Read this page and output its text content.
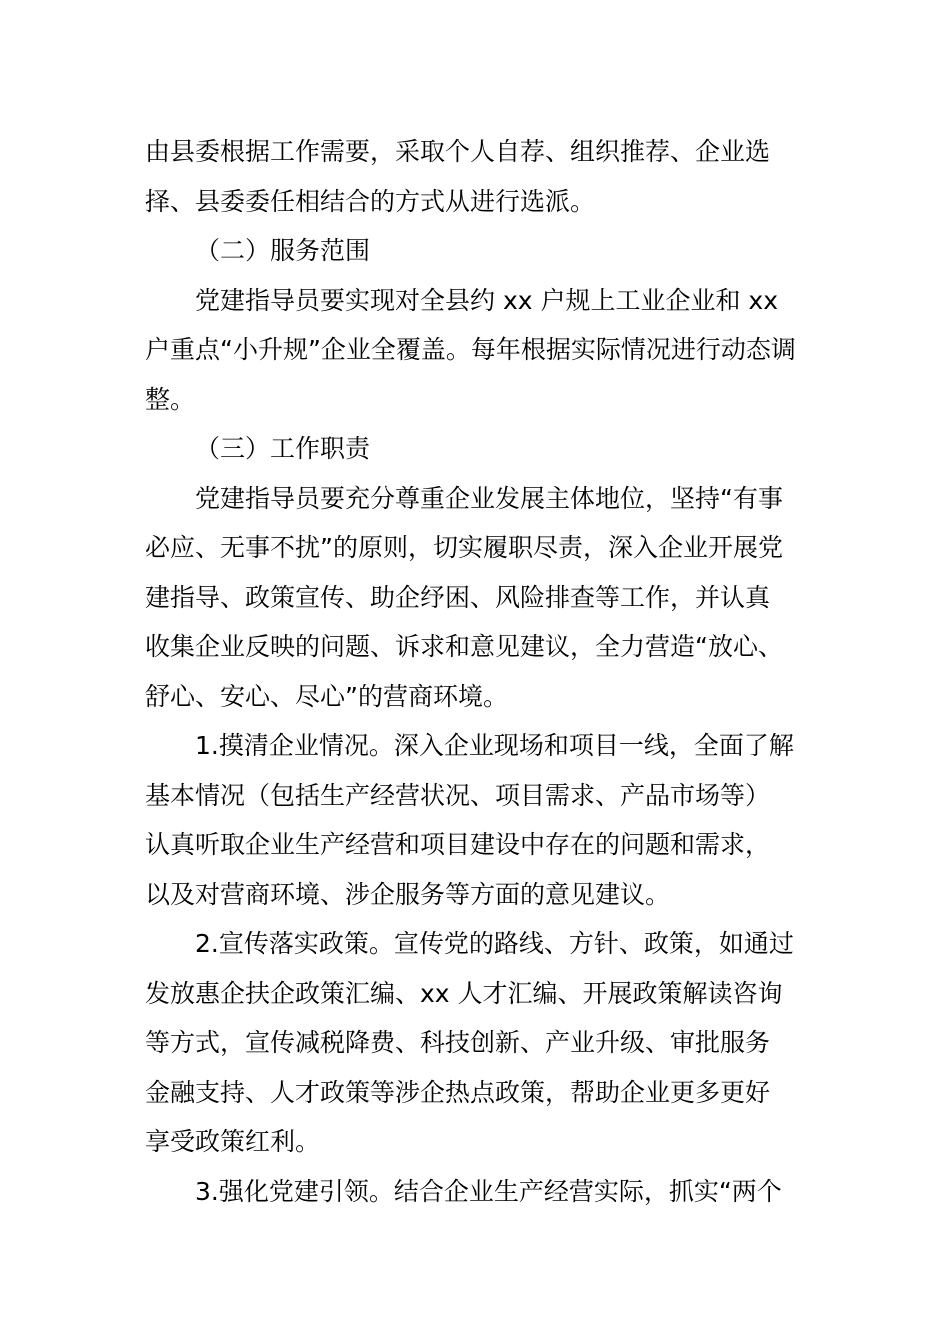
由县委根据工作需要，采取个人自荐、组织推荐、企业选
择、县委委任相结合的方式从进行选派。
（二）服务范围
党建指导员要实现对全县约 xx 户规上工业企业和 xx
户重点“小升规”企业全覆盖。每年根据实际情况进行动态调
整。
（三）工作职责
党建指导员要充分尊重企业发展主体地位，坚持“有事
必应、无事不扰”的原则，切实履职尽责，深入企业开展党
建指导、政策宣传、助企纾困、风险排查等工作，并认真
收集企业反映的问题、诉求和意见建议，全力营造“放心、
舒心、安心、尽心”的营商环境。
1.摸清企业情况。深入企业现场和项目一线，全面了解
基本情况（包括生产经营状况、项目需求、产品市场等）
认真听取企业生产经营和项目建设中存在的问题和需求，
以及对营商环境、涉企服务等方面的意见建议。
2.宣传落实政策。宣传党的路线、方针、政策，如通过
发放惠企扶企政策汇编、xx 人才汇编、开展政策解读咨询
等方式，宣传减税降费、科技创新、产业升级、审批服务
金融支持、人才政策等涉企热点政策，帮助企业更多更好
享受政策红利。
3.强化党建引领。结合企业生产经营实际，抓实“两个
